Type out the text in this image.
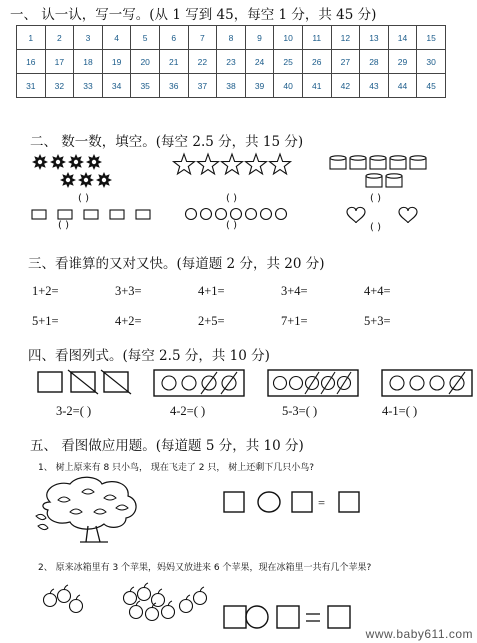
一、 认一认，写一写。(从 1 写到 45，每空 1 分，共 45 分)
1	2	3	4	5	6	7	8	9	10	11	12	13	14	15
16	17	18	19	20	21	22	23	24	25	26	27	28	29	30
31	32	33	34	35	36	37	38	39	40	41	42	43	44	45
二、 数一数，填空。(每空 2.5 分，共 15 分)
( )	( )	( )
( )	( )	( )
三、看谁算的又对又快。(每道题 2 分，共 20 分)
1+2=	3+3=	4+1=	3+4=	4+4=
5+1=	4+2=	2+5=	7+1=	5+3=
四、看图列式。(每空 2.5 分，共 10 分)
3-2=( )	4-2=( )	5-3=( )	4-1=( )
五、 看图做应用题。(每道题 5 分，共 10 分)
1、 树上原来有 8 只小鸟， 现在飞走了 2 只， 树上还剩下几只小鸟?
=
2、 原来冰箱里有 3 个苹果，妈妈又放进来 6 个苹果，现在冰箱里一共有几个苹果?
www.baby611.com
